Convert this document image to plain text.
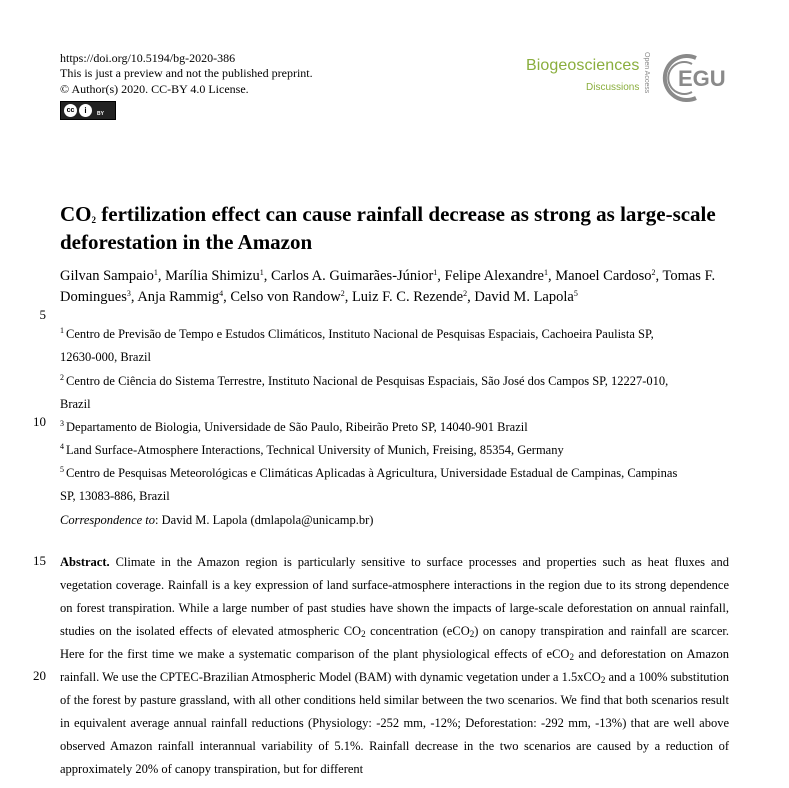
https://doi.org/10.5194/bg-2020-386
This is just a preview and not the published preprint.
© Author(s) 2020. CC-BY 4.0 License.
cc	i	BY
Biogeosciences
Discussions Open Access EGU
$CO_2$ fertilization effect can cause rainfall decrease as strong as large-scale deforestation in the Amazon
Gilvan Sampaio$^1$, Marília Shimizu$^1$, Carlos A. Guimarães-Júnior$^1$, Felipe Alexandre$^1$, Manoel Cardoso$^2$, Tomas F. Domingues$^3$, Anja Rammig$^4$, Celso von Randow$^2$, Luiz F. C. Rezende$^2$, David M. Lapola$^5$
5
10
15
20
$^1$ Centro de Previsão de Tempo e Estudos Climáticos, Instituto Nacional de Pesquisas Espaciais, Cachoeira Paulista SP,
12630-000, Brazil
$^2$ Centro de Ciência do Sistema Terrestre, Instituto Nacional de Pesquisas Espaciais, São José dos Campos SP, 12227-010,
Brazil
$^3$ Departamento de Biologia, Universidade de São Paulo, Ribeirão Preto SP, 14040-901 Brazil
$^4$ Land Surface-Atmosphere Interactions, Technical University of Munich, Freising, 85354, Germany
$^5$ Centro de Pesquisas Meteorológicas e Climáticas Aplicadas à Agricultura, Universidade Estadual de Campinas, Campinas
SP, 13083-886, Brazil
Correspondence to: David M. Lapola (dmlapola@unicamp.br)
Abstract. Climate in the Amazon region is particularly sensitive to surface processes and properties such as heat fluxes and vegetation coverage. Rainfall is a key expression of land surface-atmosphere interactions in the region due to its strong dependence on forest transpiration. While a large number of past studies have shown the impacts of large-scale deforestation on annual rainfall, studies on the isolated effects of elevated atmospheric $CO_2$ concentration (eCO$_2$) on canopy transpiration and rainfall are scarcer. Here for the first time we make a systematic comparison of the plant physiological effects of eCO$_2$ and deforestation on Amazon rainfall. We use the CPTEC-Brazilian Atmospheric Model (BAM) with dynamic vegetation under a 1.5xCO$_2$ and a 100% substitution of the forest by pasture grassland, with all other conditions held similar between the two scenarios. We find that both scenarios result in equivalent average annual rainfall reductions (Physiology: -252 mm, -12%; Deforestation: -292 mm, -13%) that are well above observed Amazon rainfall interannual variability of 5.1%. Rainfall decrease in the two scenarios are caused by a reduction of approximately 20% of canopy transpiration, but for different
